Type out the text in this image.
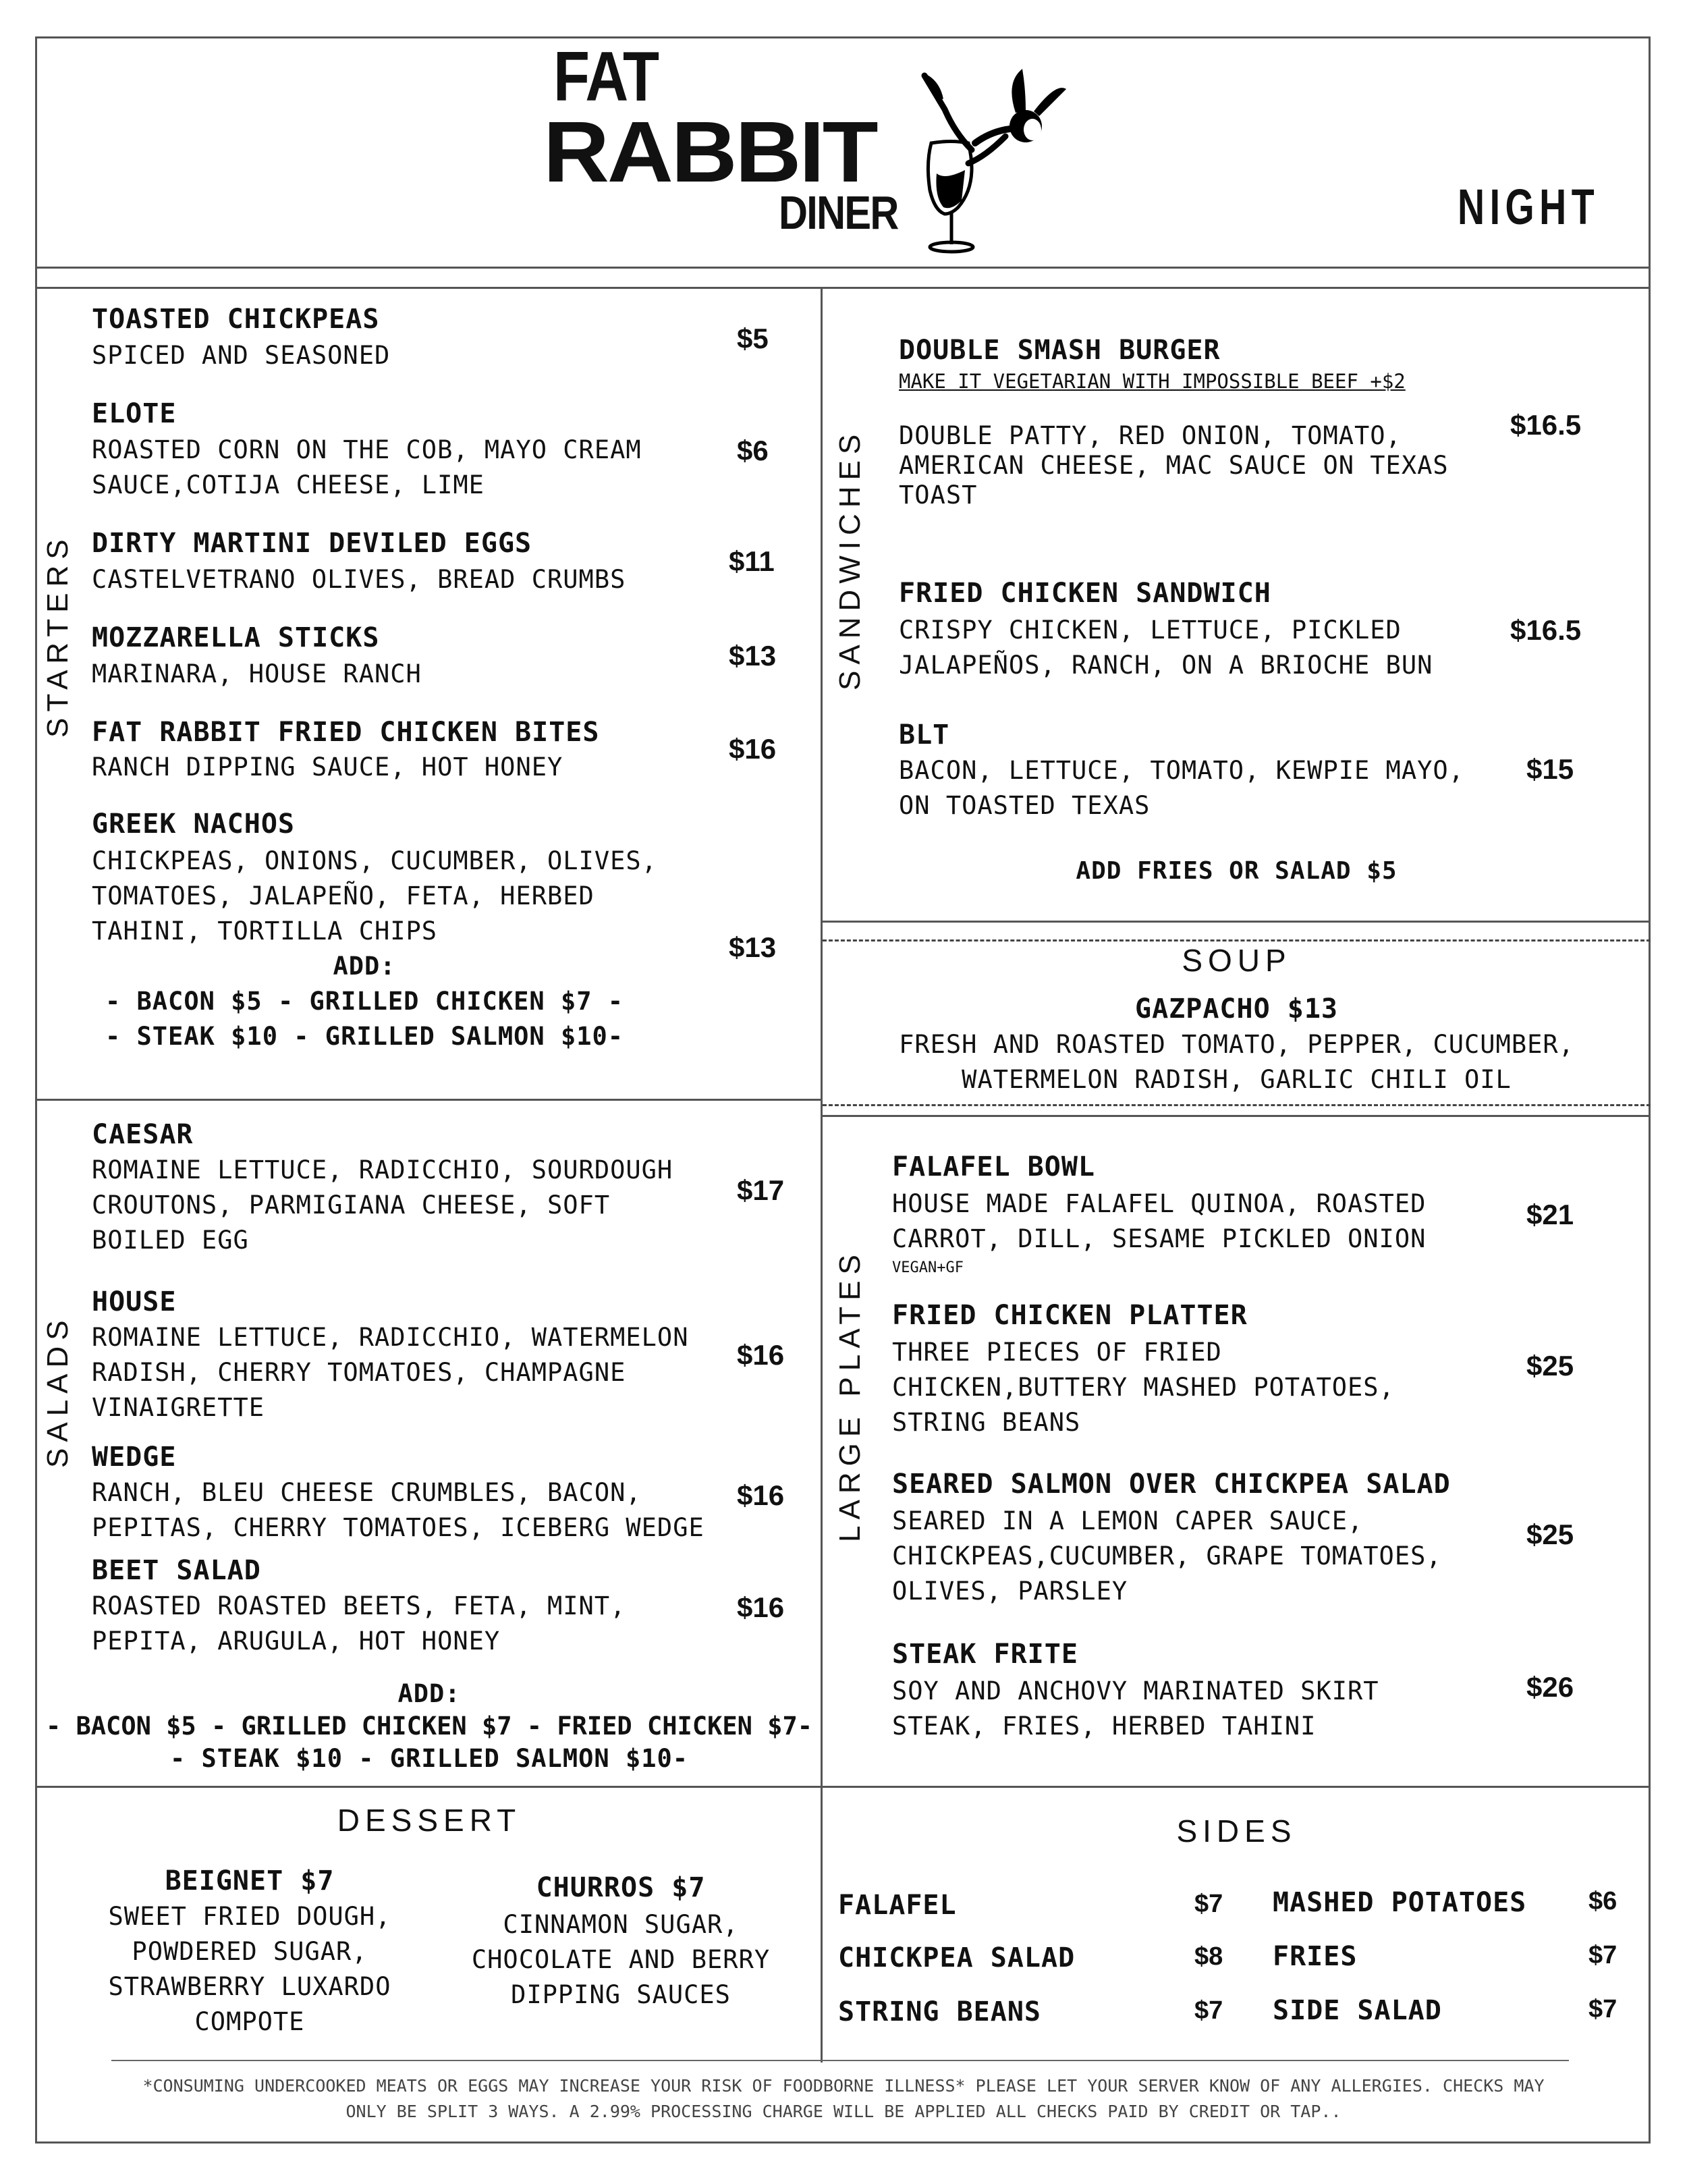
FAT
RABBIT
DINER	NIGHT
STARTERS
TOASTED CHICKPEAS
SPICED AND SEASONED
$5
ELOTE
ROASTED CORN ON THE COB, MAYO CREAM
SAUCE,COTIJA CHEESE, LIME
$6
DIRTY MARTINI DEVILED EGGS
CASTELVETRANO OLIVES, BREAD CRUMBS
$11
MOZZARELLA STICKS
MARINARA, HOUSE RANCH
$13
FAT RABBIT FRIED CHICKEN BITES
RANCH DIPPING SAUCE, HOT HONEY
$16
GREEK NACHOS
CHICKPEAS, ONIONS, CUCUMBER, OLIVES,
TOMATOES, JALAPEÑO, FETA, HERBED
TAHINI, TORTILLA CHIPS
$13
ADD:
- BACON $5 - GRILLED CHICKEN $7 -
- STEAK $10 - GRILLED SALMON $10-
SANDWICHES
DOUBLE SMASH BURGER
MAKE IT VEGETARIAN WITH IMPOSSIBLE BEEF +$2
DOUBLE PATTY, RED ONION, TOMATO,
AMERICAN CHEESE, MAC SAUCE ON TEXAS
TOAST
$16.5
FRIED CHICKEN SANDWICH
CRISPY CHICKEN, LETTUCE, PICKLED
JALAPEÑOS, RANCH, ON A BRIOCHE BUN
$16.5
BLT
BACON, LETTUCE, TOMATO, KEWPIE MAYO,
ON TOASTED TEXAS
$15
ADD FRIES OR SALAD $5
SOUP
GAZPACHO $13
FRESH AND ROASTED TOMATO, PEPPER, CUCUMBER,
WATERMELON RADISH, GARLIC CHILI OIL
SALADS
CAESAR
ROMAINE LETTUCE, RADICCHIO, SOURDOUGH
CROUTONS, PARMIGIANA CHEESE, SOFT
BOILED EGG
$17
HOUSE
ROMAINE LETTUCE, RADICCHIO, WATERMELON
RADISH, CHERRY TOMATOES, CHAMPAGNE
VINAIGRETTE
$16
WEDGE
RANCH, BLEU CHEESE CRUMBLES, BACON,
PEPITAS, CHERRY TOMATOES, ICEBERG WEDGE
$16
BEET SALAD
ROASTED ROASTED BEETS, FETA, MINT,
PEPITA, ARUGULA, HOT HONEY
$16
ADD:
- BACON $5 - GRILLED CHICKEN $7 - FRIED CHICKEN $7-
- STEAK $10 - GRILLED SALMON $10-
LARGE PLATES
FALAFEL BOWL
HOUSE MADE FALAFEL QUINOA, ROASTED
CARROT, DILL, SESAME PICKLED ONION
VEGAN+GF
$21
FRIED CHICKEN PLATTER
THREE PIECES OF FRIED
CHICKEN,BUTTERY MASHED POTATOES,
STRING BEANS
$25
SEARED SALMON OVER CHICKPEA SALAD
SEARED IN A LEMON CAPER SAUCE,
CHICKPEAS,CUCUMBER, GRAPE TOMATOES,
OLIVES, PARSLEY
$25
STEAK FRITE
SOY AND ANCHOVY MARINATED SKIRT
STEAK, FRIES, HERBED TAHINI
$26
DESSERT
BEIGNET $7
SWEET FRIED DOUGH,
POWDERED SUGAR,
STRAWBERRY LUXARDO
COMPOTE
CHURROS $7
CINNAMON SUGAR,
CHOCOLATE AND BERRY
DIPPING SAUCES
SIDES
FALAFEL	$7
CHICKPEA SALAD	$8
STRING BEANS	$7
MASHED POTATOES $6
FRIES	$7
SIDE SALAD	$7
*CONSUMING UNDERCOOKED MEATS OR EGGS MAY INCREASE YOUR RISK OF FOODBORNE ILLNESS* PLEASE LET YOUR SERVER KNOW OF ANY ALLERGIES. CHECKS MAY
ONLY BE SPLIT 3 WAYS. A 2.99% PROCESSING CHARGE WILL BE APPLIED ALL CHECKS PAID BY CREDIT OR TAP..
